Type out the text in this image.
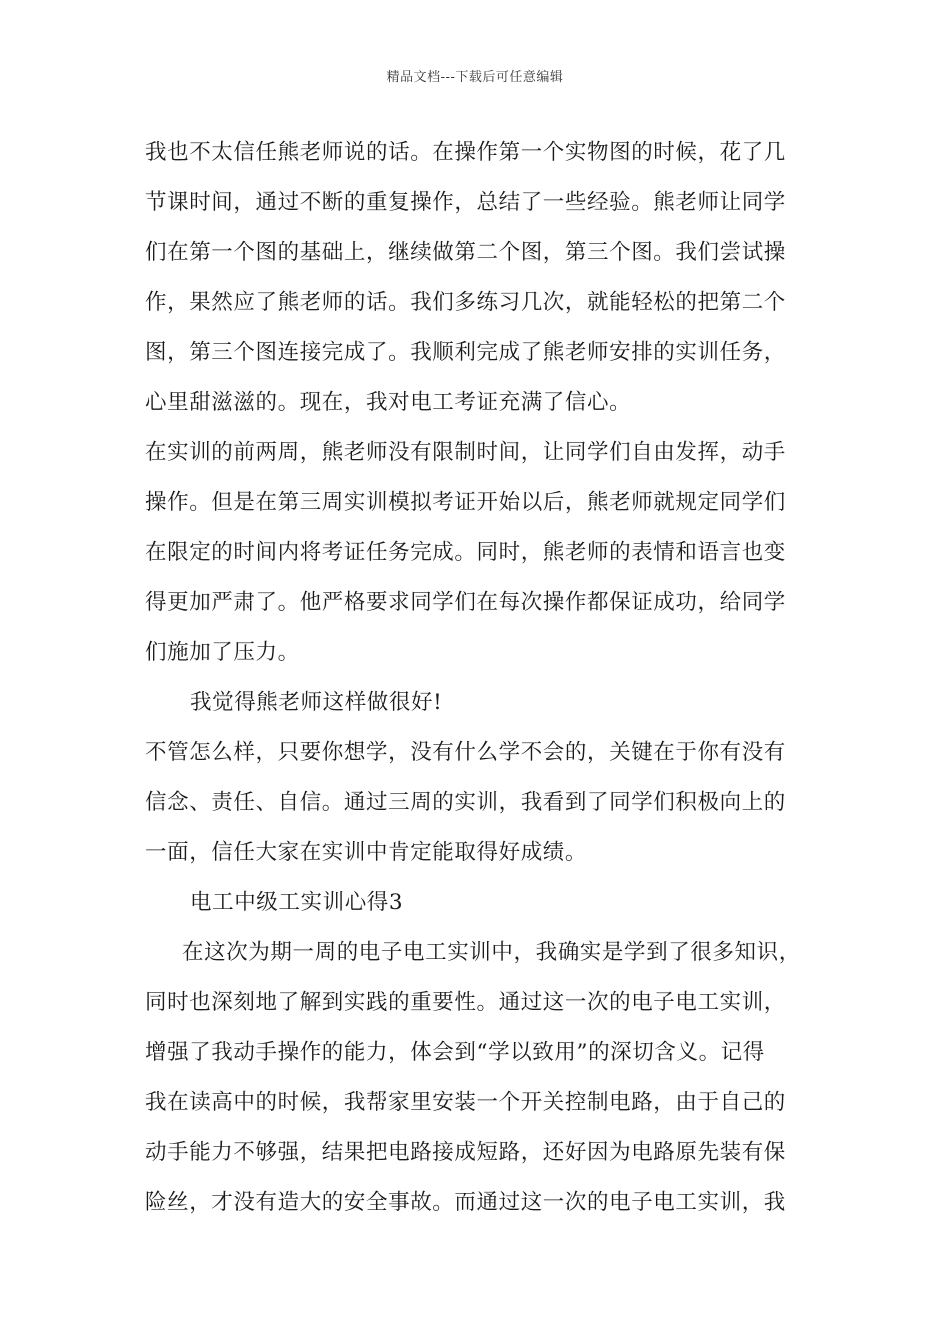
精品文档---下载后可任意编辑
我也不太信任熊老师说的话。在操作第一个实物图的时候，花了几
节课时间，通过不断的重复操作，总结了一些经验。熊老师让同学
们在第一个图的基础上，继续做第二个图，第三个图。我们尝试操
作，果然应了熊老师的话。我们多练习几次，就能轻松的把第二个
图，第三个图连接完成了。我顺利完成了熊老师安排的实训任务，
心里甜滋滋的。现在，我对电工考证充满了信心。
在实训的前两周，熊老师没有限制时间，让同学们自由发挥，动手
操作。但是在第三周实训模拟考证开始以后，熊老师就规定同学们
在限定的时间内将考证任务完成。同时，熊老师的表情和语言也变
得更加严肃了。他严格要求同学们在每次操作都保证成功，给同学
们施加了压力。
我觉得熊老师这样做很好!
不管怎么样，只要你想学，没有什么学不会的，关键在于你有没有
信念、责任、自信。通过三周的实训，我看到了同学们积极向上的
一面，信任大家在实训中肯定能取得好成绩。
电工中级工实训心得3
在这次为期一周的电子电工实训中，我确实是学到了很多知识，
同时也深刻地了解到实践的重要性。通过这一次的电子电工实训，
增强了我动手操作的能力，体会到“学以致用”的深切含义。记得
我在读高中的时候，我帮家里安装一个开关控制电路，由于自己的
动手能力不够强，结果把电路接成短路，还好因为电路原先装有保
险丝，才没有造大的安全事故。而通过这一次的电子电工实训，我
